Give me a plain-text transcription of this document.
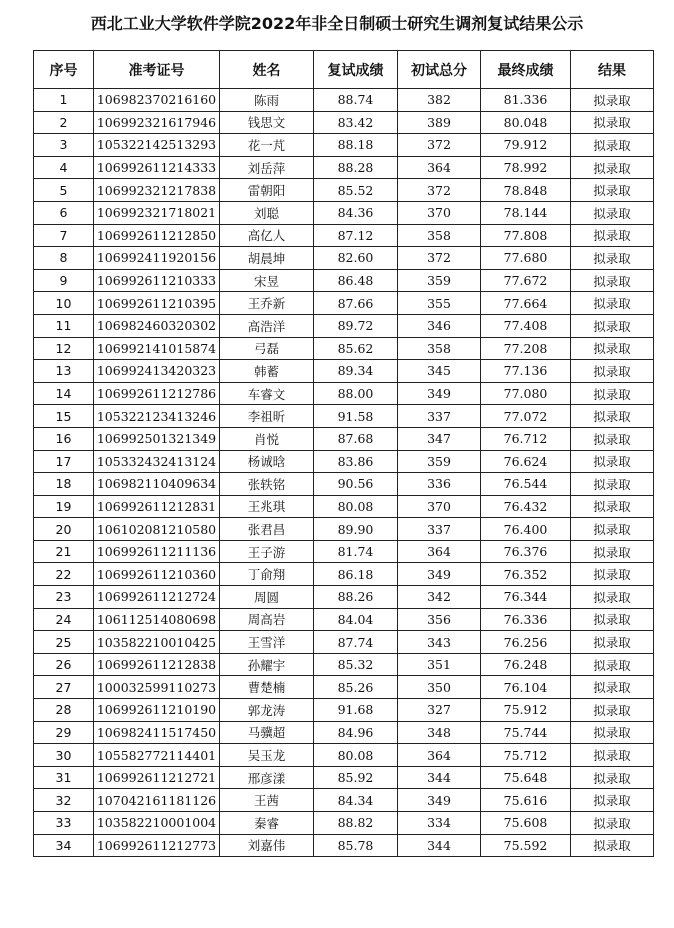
西北工业大学软件学院2022年非全日制硕士研究生调剂复试结果公示
序号	准考证号	姓名	复试成绩	初试总分	最终成绩	结果
1	106982370216160	陈雨	88.74	382	81.336	拟录取
2	106992321617946	钱思文	83.42	389	80.048	拟录取
3	105322142513293	花一芃	88.18	372	79.912	拟录取
4	106992611214333	刘岳萍	88.28	364	78.992	拟录取
5	106992321217838	雷朝阳	85.52	372	78.848	拟录取
6	106992321718021	刘聪	84.36	370	78.144	拟录取
7	106992611212850	高亿人	87.12	358	77.808	拟录取
8	106992411920156	胡晨坤	82.60	372	77.680	拟录取
9	106992611210333	宋昱	86.48	359	77.672	拟录取
10	106992611210395	王乔新	87.66	355	77.664	拟录取
11	106982460320302	高浩洋	89.72	346	77.408	拟录取
12	106992141015874	弓磊	85.62	358	77.208	拟录取
13	106992413420323	韩蓄	89.34	345	77.136	拟录取
14	106992611212786	车睿文	88.00	349	77.080	拟录取
15	105322123413246	李祖昕	91.58	337	77.072	拟录取
16	106992501321349	肖悦	87.68	347	76.712	拟录取
17	105332432413124	杨诚晗	83.86	359	76.624	拟录取
18	106982110409634	张轶铭	90.56	336	76.544	拟录取
19	106992611212831	王兆琪	80.08	370	76.432	拟录取
20	106102081210580	张君昌	89.90	337	76.400	拟录取
21	106992611211136	王子游	81.74	364	76.376	拟录取
22	106992611210360	丁俞翔	86.18	349	76.352	拟录取
23	106992611212724	周圆	88.26	342	76.344	拟录取
24	106112514080698	周高岩	84.04	356	76.336	拟录取
25	103582210010425	王雪洋	87.74	343	76.256	拟录取
26	106992611212838	孙耀宇	85.32	351	76.248	拟录取
27	100032599110273	曹楚楠	85.26	350	76.104	拟录取
28	106992611210190	郭龙涛	91.68	327	75.912	拟录取
29	106982411517450	马骥超	84.96	348	75.744	拟录取
30	105582772114401	吴玉龙	80.08	364	75.712	拟录取
31	106992611212721	邢彦漾	85.92	344	75.648	拟录取
32	107042161181126	王茜	84.34	349	75.616	拟录取
33	103582210001004	秦睿	88.82	334	75.608	拟录取
34	106992611212773	刘嘉伟	85.78	344	75.592	拟录取
